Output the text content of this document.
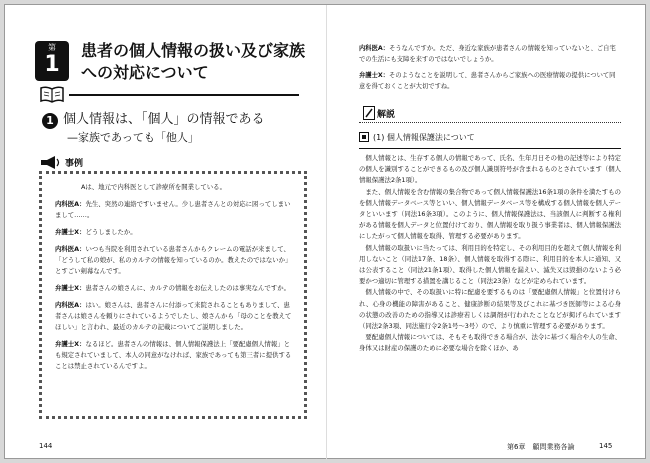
第
1
患者の個人情報の扱い及び家族への対応について
1 個人情報は、「個人」の情報である
—家族であっても「他人」
事例

Aは、地元で内科医として診療所を開業している。

内科医A：先生、突然の連絡ですいません。少し患者さんとの対応に困ってしまいまして……。

弁護士X：どうしましたか。

内科医A：いつも当院を利用されている患者さんからクレームの電話が来まして、「どうして私の娘が、私のカルテの情報を知っているのか。教えたのではないか」とすごい剣幕なんです。

弁護士X：患者さんの娘さんに、カルテの情報をお伝えしたのは事実なんですか。

内科医A：はい。娘さんは、患者さんに付添って来院されることもありまして、患者さんは娘さんを頼りにされているようでしたし、娘さんから「母のことを教えてほしい」と言われ、最近のカルテの記載についてご説明しました。

弁護士X：なるほど。患者さんの情報は、個人情報保護法上「要配慮個人情報」とも規定されていまして、本人の同意がなければ、家族であっても第三者に提供することは禁止されているんですよ。

144

内科医A：そうなんですか。ただ、身近な家族が患者さんの情報を知っていないと、ご自宅での生活にも支障を来すのではないでしょうか。

弁護士X：そのようなことを説明して、患者さんからご家族への医療情報の提供について同意を得ておくことが大切ですね。

解説
(1) 個人情報保護法について

個人情報とは、生存する個人の情報であって、氏名、生年月日その他の記述等により特定の個人を識別することができるもの及び個人識別符号が含まれるものとされています（個人情報保護法2条1項）。

また、個人情報を含む情報の集合物であって個人情報保護法16条1項の条件を満たすものを個人情報データベース等といい、個人情報データベース等を構成する個人情報を個人データといいます（同法16条3項）。このように、個人情報保護法は、当該個人に判断する権利がある情報を個人データと位置付けており、個人情報を取り扱う事業者は、個人情報保護法にしたがって個人情報を取得、管理する必要があります。

個人情報の取扱いに当たっては、利用目的を特定し、その利用目的を超えて個人情報を利用しないこと（同法17条、18条）、個人情報を取得する際に、利用目的を本人に通知、又は公表すること（同法21条1項）、取得した個人情報を漏えい、滅失又は毀損のないよう必要かつ適切に管理する措置を講じること（同法23条）などが定められています。

個人情報の中で、その取扱いに特に配慮を要するものは「要配慮個人情報」と位置付けられ、心身の機能の障害があること、健康診断の結果等及びこれに基づき医師等による心身の状態の改善のための指導又は診療若しくは調剤が行われたことなどが掲げられています（同法2条3項、同法施行令2条1号〜3号）ので、より慎重に管理する必要があります。

要配慮個人情報については、そもそも取得できる場合が、法令に基づく場合や人の生命、身体又は財産の保護のために必要な場合を除くほか、あ

第6章　顧問業務各論	145
